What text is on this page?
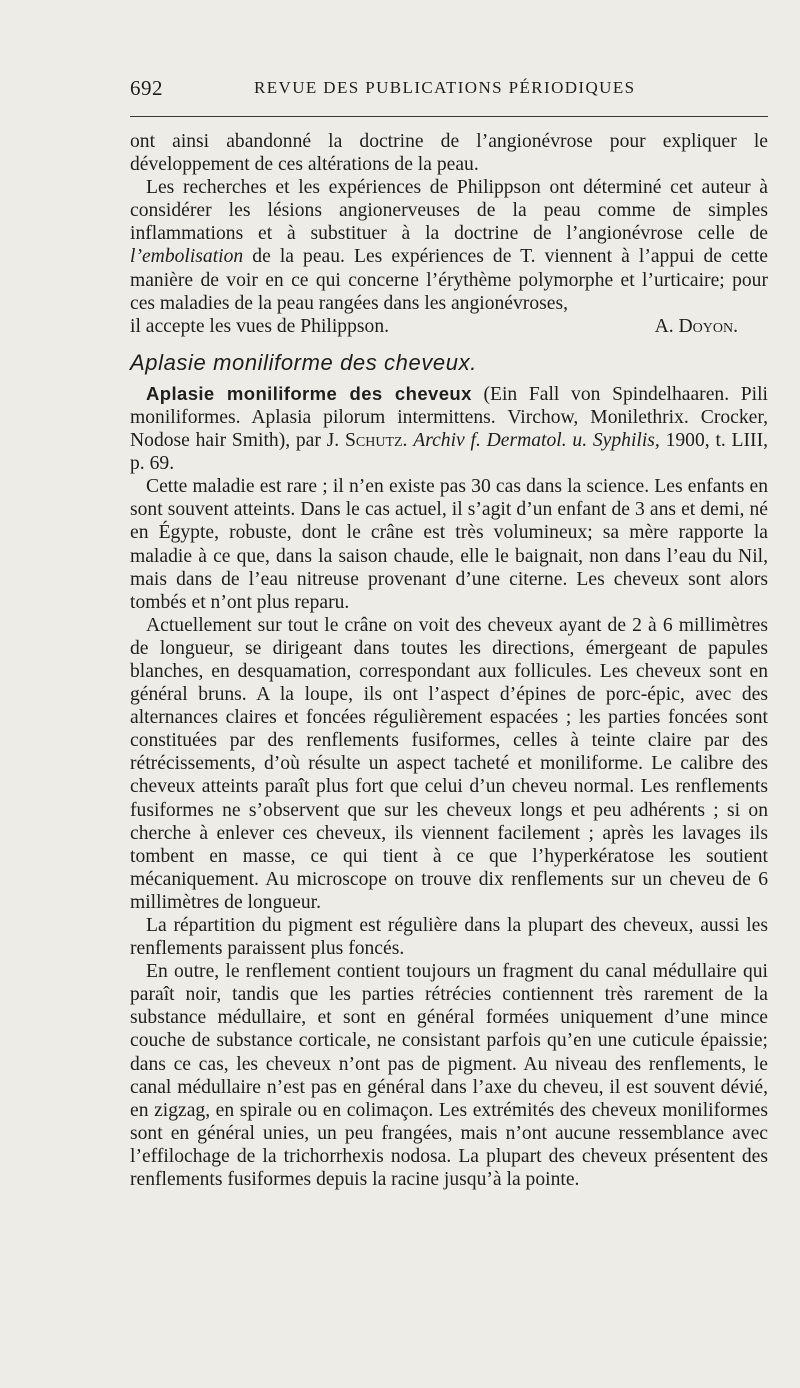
692	REVUE DES PUBLICATIONS PÉRIODIQUES

ont ainsi abandonné la doctrine de l’angionévrose pour expliquer le développement de ces altérations de la peau.

Les recherches et les expériences de Philippson ont déterminé cet auteur à considérer les lésions angionerveuses de la peau comme de simples inflammations et à substituer à la doctrine de l’angionévrose celle de l’embolisation de la peau. Les expériences de T. viennent à l’appui de cette manière de voir en ce qui concerne l’érythème polymorphe et l’urticaire; pour ces maladies de la peau rangées dans les angionévroses,

il accepte les vues de Philippson.	A. Doyon.

Aplasie moniliforme des cheveux.

Aplasie moniliforme des cheveux (Ein Fall von Spindelhaaren. Pili moniliformes. Aplasia pilorum intermittens. Virchow, Monilethrix. Crocker, Nodose hair Smith), par J. Schutz. Archiv f. Dermatol. u. Syphilis, 1900, t. LIII, p. 69.

Cette maladie est rare ; il n’en existe pas 30 cas dans la science. Les enfants en sont souvent atteints. Dans le cas actuel, il s’agit d’un enfant de 3 ans et demi, né en Égypte, robuste, dont le crâne est très volumineux; sa mère rapporte la maladie à ce que, dans la saison chaude, elle le baignait, non dans l’eau du Nil, mais dans de l’eau nitreuse provenant d’une citerne. Les cheveux sont alors tombés et n’ont plus reparu.

Actuellement sur tout le crâne on voit des cheveux ayant de 2 à 6 millimètres de longueur, se dirigeant dans toutes les directions, émergeant de papules blanches, en desquamation, correspondant aux follicules. Les cheveux sont en général bruns. A la loupe, ils ont l’aspect d’épines de porc-épic, avec des alternances claires et foncées régulièrement espacées ; les parties foncées sont constituées par des renflements fusiformes, celles à teinte claire par des rétrécissements, d’où résulte un aspect tacheté et moniliforme. Le calibre des cheveux atteints paraît plus fort que celui d’un cheveu normal. Les renflements fusiformes ne s’observent que sur les cheveux longs et peu adhérents ; si on cherche à enlever ces cheveux, ils viennent facilement ; après les lavages ils tombent en masse, ce qui tient à ce que l’hyperkératose les soutient mécaniquement. Au microscope on trouve dix renflements sur un cheveu de 6 millimètres de longueur.

La répartition du pigment est régulière dans la plupart des cheveux, aussi les renflements paraissent plus foncés.

En outre, le renflement contient toujours un fragment du canal médullaire qui paraît noir, tandis que les parties rétrécies contiennent très rarement de la substance médullaire, et sont en général formées uniquement d’une mince couche de substance corticale, ne consistant parfois qu’en une cuticule épaissie; dans ce cas, les cheveux n’ont pas de pigment. Au niveau des renflements, le canal médullaire n’est pas en général dans l’axe du cheveu, il est souvent dévié, en zigzag, en spirale ou en colimaçon. Les extrémités des cheveux moniliformes sont en général unies, un peu frangées, mais n’ont aucune ressemblance avec l’effilochage de la trichorrhexis nodosa. La plupart des cheveux présentent des renflements fusiformes depuis la racine jusqu’à la pointe.
